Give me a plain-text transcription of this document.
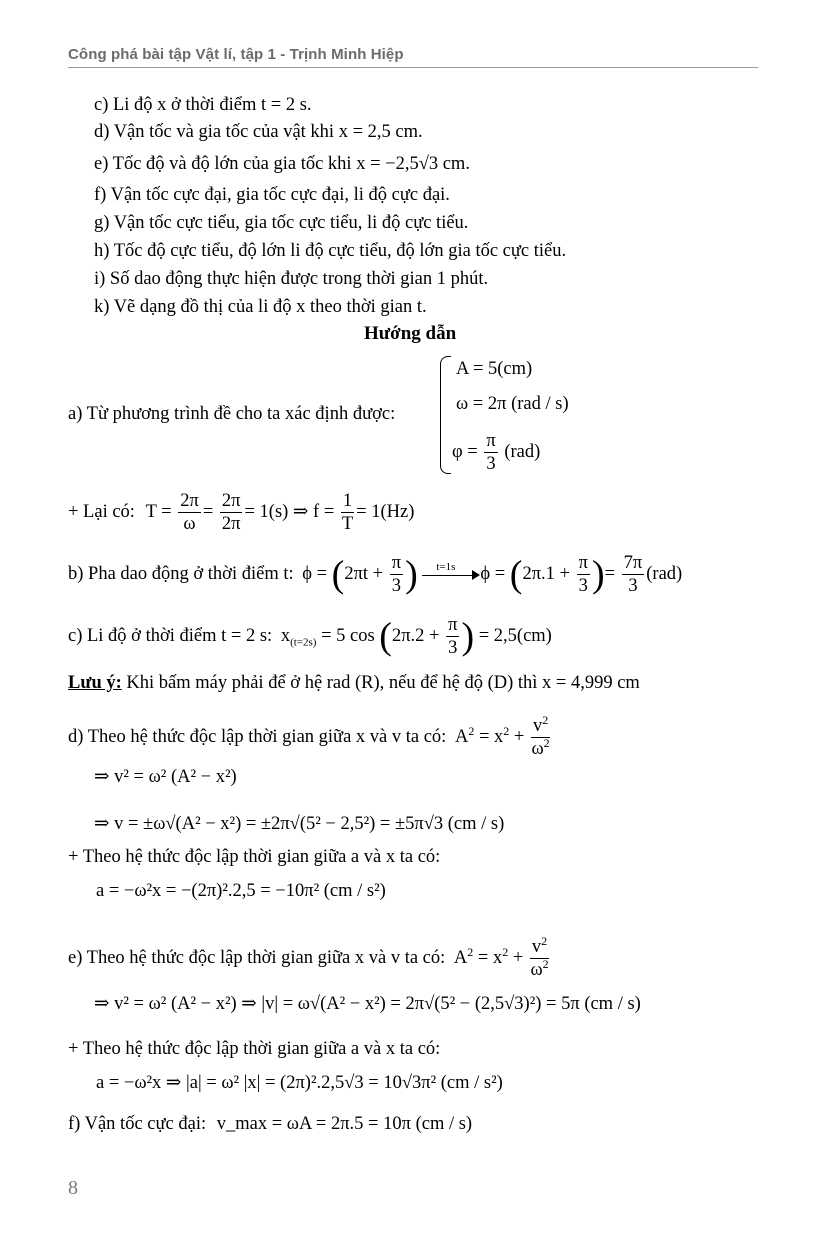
Công phá bài tập Vật lí, tập 1 - Trịnh Minh Hiệp
c) Li độ x ở thời điểm t = 2 s.
d) Vận tốc và gia tốc của vật khi x = 2,5 cm.
e) Tốc độ và độ lớn của gia tốc khi x = −2,5√3 cm.
f) Vận tốc cực đại, gia tốc cực đại, li độ cực đại.
g) Vận tốc cực tiểu, gia tốc cực tiểu, li độ cực tiểu.
h) Tốc độ cực tiểu, độ lớn li độ cực tiểu, độ lớn gia tốc cực tiểu.
i) Số dao động thực hiện được trong thời gian 1 phút.
k) Vẽ dạng đồ thị của li độ x theo thời gian t.
Hướng dẫn
a) Từ phương trình đề cho ta xác định được:
A = 5(cm)
ω = 2π (rad / s)
$\varphi = \frac{\pi}{3} (rad)$
+ Lại có: $T = \frac{2\pi}{\omega} = \frac{2\pi}{2\pi} = 1(s)$ ⇒ $f = \frac{1}{T} = 1(Hz)$
b) Pha dao động ở thời điểm t: $\phi = (2\pi t + \frac{\pi}{3}$ ) t=1s $\phi = (2\pi.1 + \frac{\pi}{3}$ )= $\frac{7\pi}{3} (rad)$
c) Li độ ở thời điểm t = 2 s: $x_{(t=2s)} = 5$ $\cos (2\pi.2 + \frac{\pi}{3}$ ) = 2,5(cm)
Lưu ý: Khi bấm máy phải để ở hệ rad (R), nếu để hệ độ (D) thì x = 4,999 cm
d) Theo hệ thức độc lập thời gian giữa x và v ta có: $A^2 = x^2 + \frac{v^2}{\omega^2}$
⇒ v² = ω² (A² − x²)
⇒ v = ±ω√(A² − x²) = ±2π√(5² − 2,5²) = ±5π√3 (cm / s)
+ Theo hệ thức độc lập thời gian giữa a và x ta có:
a = −ω²x = −(2π)².2,5 = −10π² (cm / s²)
e) Theo hệ thức độc lập thời gian giữa x và v ta có: $A^2 = x^2 + \frac{v^2}{\omega^2}$
⇒ v² = ω² (A² − x²) ⇒ |v| = ω√(A² − x²) = 2π√(5² − (2,5√3)²) = 5π (cm / s)
+ Theo hệ thức độc lập thời gian giữa a và x ta có:
a = −ω²x ⇒ |a| = ω² |x| = (2π)².2,5√3 = 10√3π² (cm / s²)
f) Vận tốc cực đại: v_max = ωA = 2π.5 = 10π (cm / s)
8
